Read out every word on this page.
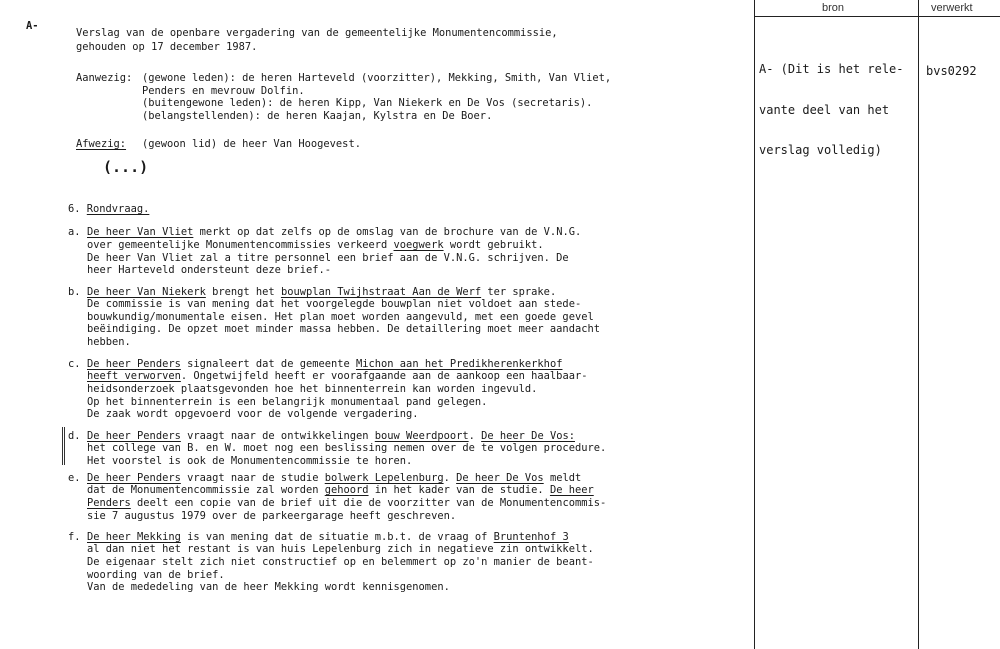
A-
Verslag van de openbare vergadering van de gemeentelijke Monumentencommissie,
gehouden op 17 december 1987.
Aanwezig: (gewone leden): de heren Harteveld (voorzitter), Mekking, Smith, Van Vliet,
Penders en mevrouw Dolfin.
(buitengewone leden): de heren Kipp, Van Niekerk en De Vos (secretaris).
(belangstellenden): de heren Kaajan, Kylstra en De Boer.
Afwezig: (gewoon lid) de heer Van Hoogevest.
(...)
6. Rondvraag.
a. De heer Van Vliet merkt op dat zelfs op de omslag van de brochure van de V.N.G.
over gemeentelijke Monumentencommissies verkeerd voegwerk wordt gebruikt.
De heer Van Vliet zal a titre personnel een brief aan de V.N.G. schrijven. De
heer Harteveld ondersteunt deze brief.-
b. De heer Van Niekerk brengt het bouwplan Twijhstraat Aan de Werf ter sprake.
De commissie is van mening dat het voorgelegde bouwplan niet voldoet aan stede-
bouwkundig/monumentale eisen. Het plan moet worden aangevuld, met een goede gevel
beëindiging. De opzet moet minder massa hebben. De detaillering moet meer aandacht
hebben.
c. De heer Penders signaleert dat de gemeente Michon aan het Predikherenkerkhof
heeft verworven. Ongetwijfeld heeft er voorafgaande aan de aankoop een haalbaar-
heidsonderzoek plaatsgevonden hoe het binnenterrein kan worden ingevuld.
Op het binnenterrein is een belangrijk monumentaal pand gelegen.
De zaak wordt opgevoerd voor de volgende vergadering.
d. De heer Penders vraagt naar de ontwikkelingen bouw Weerdpoort. De heer De Vos:
het college van B. en W. moet nog een beslissing nemen over de te volgen procedure.
Het voorstel is ook de Monumentencommissie te horen.
e. De heer Penders vraagt naar de studie bolwerk Lepelenburg. De heer De Vos meldt
dat de Monumentencommissie zal worden gehoord in het kader van de studie. De heer
Penders deelt een copie van de brief uit die de voorzitter van de Monumentencommis-
sie 7 augustus 1979 over de parkeergarage heeft geschreven.
f. De heer Mekking is van mening dat de situatie m.b.t. de vraag of Bruntenhof 3
al dan niet het restant is van huis Lepelenburg zich in negatieve zin ontwikkelt.
De eigenaar stelt zich niet constructief op en belemmert op zo'n manier de beant-
woording van de brief.
Van de mededeling van de heer Mekking wordt kennisgenomen.
bron	verwerkt

A- (Dit is het rele-

vante deel van het

verslag volledig)

bvs0292
